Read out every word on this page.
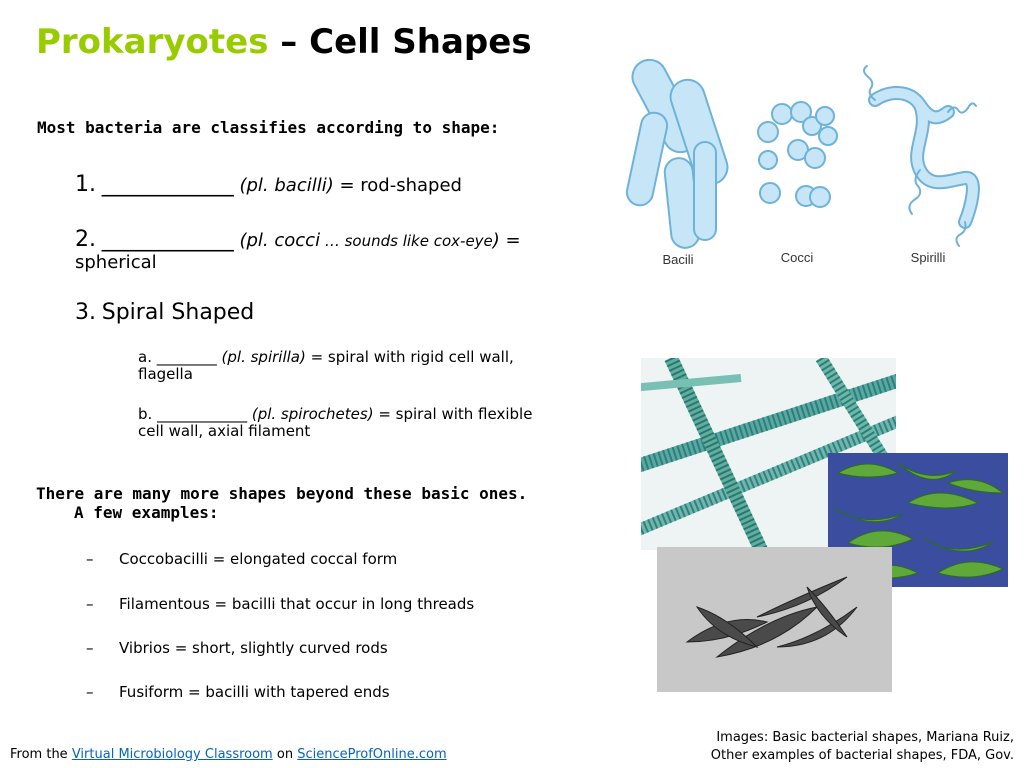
Prokaryotes – Cell Shapes
Most bacteria are classifies according to shape:
1. ____________ (pl. bacilli) = rod-shaped
2. ____________ (pl. cocci … sounds like cox-eye) = spherical
3. Spiral Shaped
a. ________ (pl. spirilla) = spiral with rigid cell wall, flagella
b. ____________ (pl. spirochetes) = spiral with flexible cell wall, axial filament
There are many more shapes beyond these basic ones.
A few examples:
– Coccobacilli = elongated coccal form
– Filamentous = bacilli that occur in long threads
– Vibrios = short, slightly curved rods
– Fusiform = bacilli with tapered ends
Bacili	Cocci	Spirilli
From the Virtual Microbiology Classroom on ScienceProfOnline.com
Images: Basic bacterial shapes, Mariana Ruiz,
Other examples of bacterial shapes, FDA, Gov.
